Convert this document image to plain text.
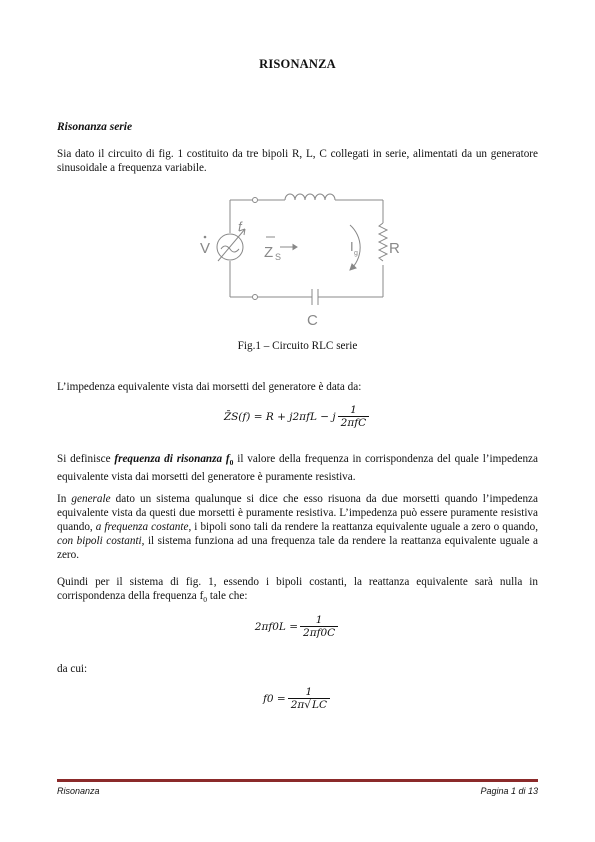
RISONANZA
Risonanza serie

Sia dato il circuito di fig. 1 costituito da tre bipoli R, L, C collegati in serie, alimentati da un generatore sinusoidale a frequenza variabile.

V
f
Z S
I g R
C
Fig.1 – Circuito RLC serie

L’impedenza equivalente vista dai morsetti del generatore è data da:

Z̄S(f) = R + j2πfL − j $\frac{1}{\text{2πfC}}$

Si definisce frequenza di risonanza $f_0$ il valore della frequenza in corrispondenza del quale l’impedenza equivalente vista dai morsetti del generatore è puramente resistiva.

In generale dato un sistema qualunque si dice che esso risuona da due morsetti quando l’impedenza equivalente vista da questi due morsetti è puramente resistiva. L’impedenza può essere puramente resistiva quando, a frequenza costante, i bipoli sono tali da rendere la reattanza equivalente uguale a zero o quando, con bipoli costanti, il sistema funziona ad una frequenza tale da rendere la reattanza equivalente uguale a zero.

Quindi per il sistema di fig. 1, essendo i bipoli costanti, la reattanza equivalente sarà nulla in corrispondenza della frequenza $f_0$ tale che:

$2\pi f0L = \frac{1}{2\pi f0C}$

da cui:

$f0 = \frac{1}{2\pi√LC}$
Risonanza	Pagina 1 di 13
